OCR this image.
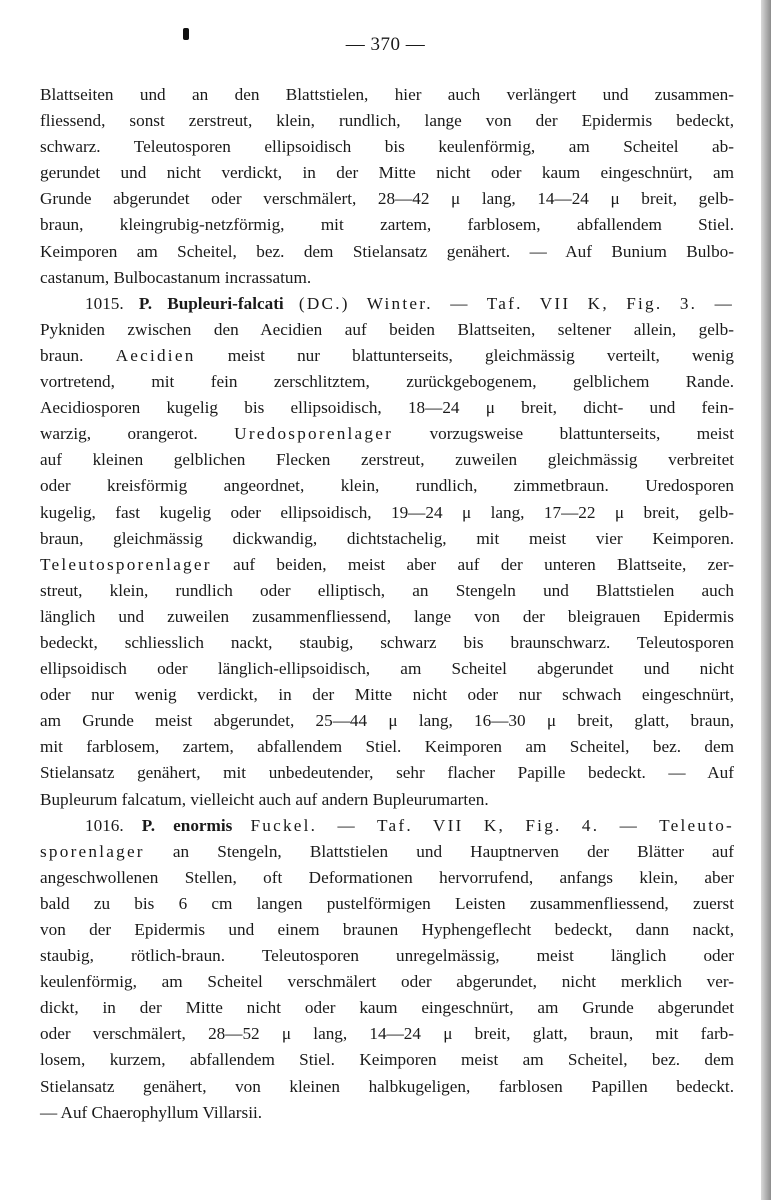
— 370 —
Blattseiten und an den Blattstielen, hier auch verlängert und zusammen-
fliessend, sonst zerstreut, klein, rundlich, lange von der Epidermis bedeckt,
schwarz. Teleutosporen ellipsoidisch bis keulenförmig, am Scheitel ab-
gerundet und nicht verdickt, in der Mitte nicht oder kaum eingeschnürt, am
Grunde abgerundet oder verschmälert, 28—42 μ lang, 14—24 μ breit, gelb-
braun, kleingrubig-netzförmig, mit zartem, farblosem, abfallendem Stiel.
Keimporen am Scheitel, bez. dem Stielansatz genähert. — Auf Bunium Bulbo-
castanum, Bulbocastanum incrassatum.
1015. P. Bupleuri-falcati (DC.) Winter. — Taf. VII K, Fig. 3. —
Pykniden zwischen den Aecidien auf beiden Blattseiten, seltener allein, gelb-
braun. Aecidien meist nur blattunterseits, gleichmässig verteilt, wenig
vortretend, mit fein zerschlitztem, zurückgebogenem, gelblichem Rande.
Aecidiosporen kugelig bis ellipsoidisch, 18—24 μ breit, dicht- und fein-
warzig, orangerot. Uredosporenlager vorzugsweise blattunterseits, meist
auf kleinen gelblichen Flecken zerstreut, zuweilen gleichmässig verbreitet
oder kreisförmig angeordnet, klein, rundlich, zimmetbraun. Uredosporen
kugelig, fast kugelig oder ellipsoidisch, 19—24 μ lang, 17—22 μ breit, gelb-
braun, gleichmässig dickwandig, dichtstachelig, mit meist vier Keimporen.
Teleutosporenlager auf beiden, meist aber auf der unteren Blattseite, zer-
streut, klein, rundlich oder elliptisch, an Stengeln und Blattstielen auch
länglich und zuweilen zusammenfliessend, lange von der bleigrauen Epidermis
bedeckt, schliesslich nackt, staubig, schwarz bis braunschwarz. Teleutosporen
ellipsoidisch oder länglich-ellipsoidisch, am Scheitel abgerundet und nicht
oder nur wenig verdickt, in der Mitte nicht oder nur schwach eingeschnürt,
am Grunde meist abgerundet, 25—44 μ lang, 16—30 μ breit, glatt, braun,
mit farblosem, zartem, abfallendem Stiel. Keimporen am Scheitel, bez. dem
Stielansatz genähert, mit unbedeutender, sehr flacher Papille bedeckt. — Auf
Bupleurum falcatum, vielleicht auch auf andern Bupleurumarten.
1016. P. enormis Fuckel. — Taf. VII K, Fig. 4. — Teleuto-
sporenlager an Stengeln, Blattstielen und Hauptnerven der Blätter auf
angeschwollenen Stellen, oft Deformationen hervorrufend, anfangs klein, aber
bald zu bis 6 cm langen pustelförmigen Leisten zusammenfliessend, zuerst
von der Epidermis und einem braunen Hyphengeflecht bedeckt, dann nackt,
staubig, rötlich-braun. Teleutosporen unregelmässig, meist länglich oder
keulenförmig, am Scheitel verschmälert oder abgerundet, nicht merklich ver-
dickt, in der Mitte nicht oder kaum eingeschnürt, am Grunde abgerundet
oder verschmälert, 28—52 μ lang, 14—24 μ breit, glatt, braun, mit farb-
losem, kurzem, abfallendem Stiel. Keimporen meist am Scheitel, bez. dem
Stielansatz genähert, von kleinen halbkugeligen, farblosen Papillen bedeckt.
— Auf Chaerophyllum Villarsii.
